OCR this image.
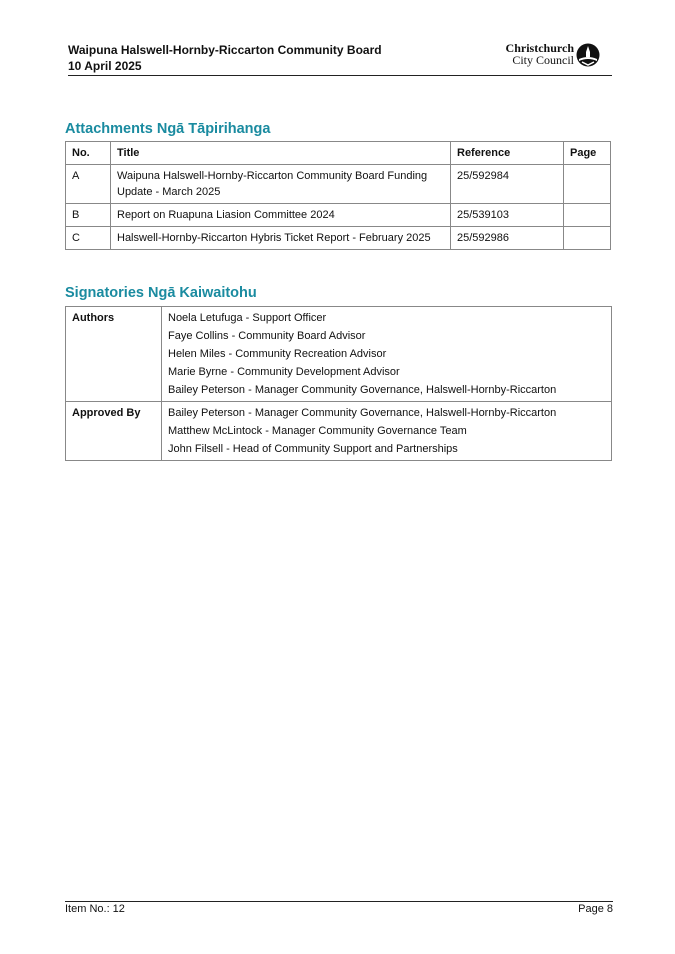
Waipuna Halswell-Hornby-Riccarton Community Board
10 April 2025
Christchurch
City Council
Attachments Ngā Tāpirihanga
No.	Title	Reference	Page
A	Waipuna Halswell-Hornby-Riccarton Community Board Funding Update - March 2025	25/592984	
B	Report on Ruapuna Liasion Committee 2024	25/539103	
C	Halswell-Hornby-Riccarton Hybris Ticket Report - February 2025	25/592986	
Signatories Ngā Kaiwaitohu
Authors	Noela Letufuga - Support Officer
Faye Collins - Community Board Advisor
Helen Miles - Community Recreation Advisor
Marie Byrne - Community Development Advisor
Bailey Peterson - Manager Community Governance, Halswell-Hornby-Riccarton

Approved By	Bailey Peterson - Manager Community Governance, Halswell-Hornby-Riccarton
Matthew McLintock - Manager Community Governance Team
John Filsell - Head of Community Support and Partnerships
Item No.: 12	Page 8
